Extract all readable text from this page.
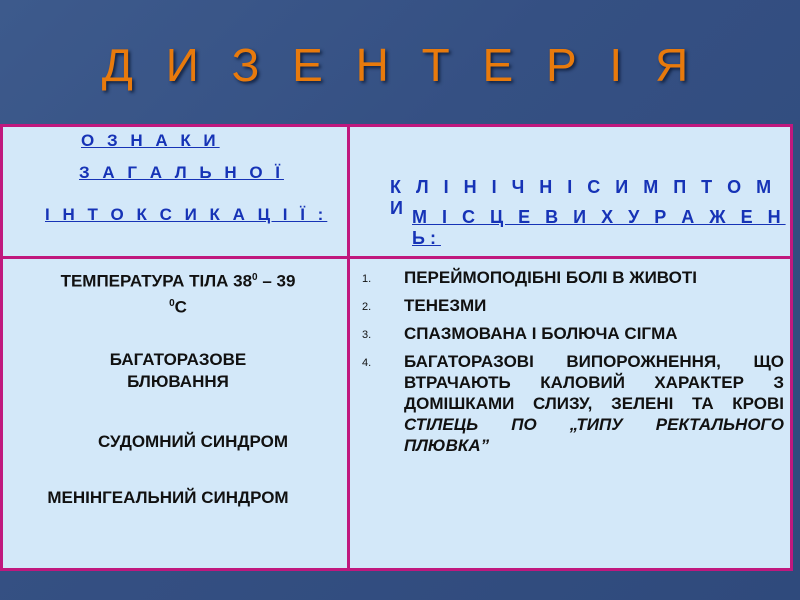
Д И З Е Н Т Е Р І Я
О З Н А К И
З А Г А Л Ь Н О Ї
І Н Т О К С И К А Ц І Ї :
К Л І Н І Ч Н І С И М П Т О М И М І С Ц Е В И Х У Р А Ж Е Н Ь:
ТЕМПЕРАТУРА ТІЛА $38^0 - 39$
$^0$С
БАГАТОРАЗОВЕ
БЛЮВАННЯ
СУДОМНИЙ СИНДРОМ
МЕНІНГЕАЛЬНИЙ СИНДРОМ
1. ПЕРЕЙМОПОДІБНІ БОЛІ В ЖИВОТІ
2. ТЕНЕЗМИ
3. СПАЗМОВАНА І БОЛЮЧА СІГМА
4. БАГАТОРАЗОВІ ВИПОРОЖНЕННЯ, ЩО ВТРАЧАЮТЬ КАЛОВИЙ ХАРАКТЕР З ДОМІШКАМИ СЛИЗУ, ЗЕЛЕНІ ТА КРОВІ
СТІЛЕЦЬ ПО „ТИПУ РЕКТАЛЬНОГО ПЛЮВКА”
